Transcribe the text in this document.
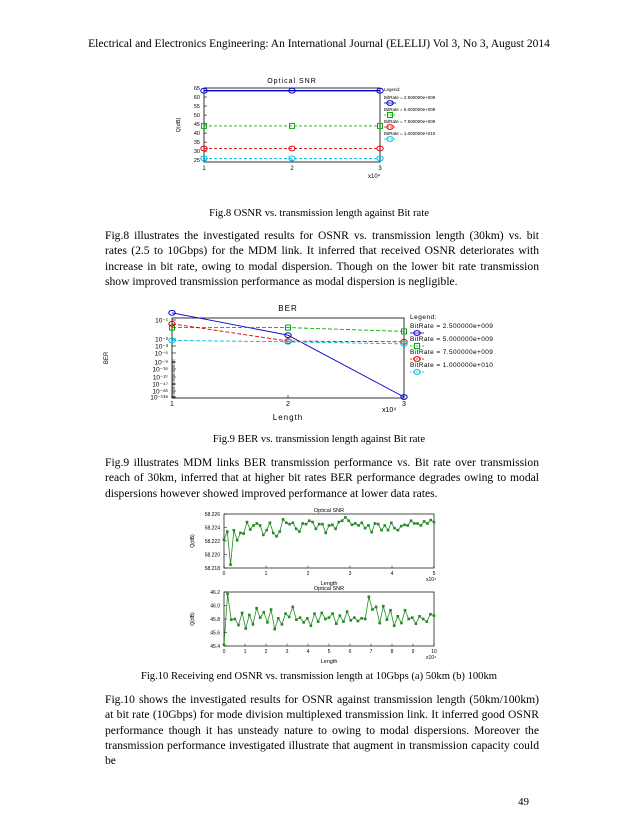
Electrical and Electronics Engineering: An International Journal (ELELIJ) Vol 3, No 3, August 2014
Optical SNR
25
30
35
40
45
50
55
60
65
1	2	3
x10⁴
Q(dB)
Legend:
BitRate = 2.500000e+009
BitRate = 5.000000e+009
BitRate = 7.500000e+009
BitRate = 1.000000e+010
Fig.8 OSNR vs. transmission length against Bit rate
Fig.8 illustrates the investigated results for OSNR vs. transmission length (30km) vs. bit rates (2.5 to 10Gbps) for the MDM link. It inferred that received OSNR deteriorates with increase in bit rate, owing to modal dispersion. Though on the lower bit rate transmission show improved transmission performance as modal dispersion is negligible.
BER
10⁻¹
10⁻²
10⁻³
10⁻⁵
10⁻⁹
10⁻¹⁶
10⁻²⁷
10⁻⁴⁷
10⁻⁸¹
10⁻¹³⁸
1	2	3
Length
x10⁴
BER
Legend:
BitRate = 2.500000e+009
BitRate = 5.000000e+009
BitRate = 7.500000e+009
BitRate = 1.000000e+010
Fig.9 BER vs. transmission length against Bit rate
Fig.9 illustrates MDM links BER transmission performance vs. Bit rate over transmission reach of 30km, inferred that at higher bit rates BER performance degrades owing to modal dispersions however showed improved performance at lower data rates.
Optical SNR
58.218
58.220
58.222
58.224
58.226
0	1	2	3	4	5
x10⁴
Length
Q(dB)
Optical SNR
45.4
45.6
45.8
46.0
46.2
0	1	2	3	4	5	6	7	8	9	10
x10⁴
Length
Q(dB)
Fig.10 Receiving end OSNR vs. transmission length at 10Gbps (a) 50km (b) 100km
Fig.10 shows the investigated results for OSNR against transmission length (50km/100km) at bit rate (10Gbps) for mode division multiplexed transmission link. It inferred good OSNR performance though it has unsteady nature to owing to modal dispersions. Moreover the transmission performance investigated illustrate that augment in transmission capacity could be
49
